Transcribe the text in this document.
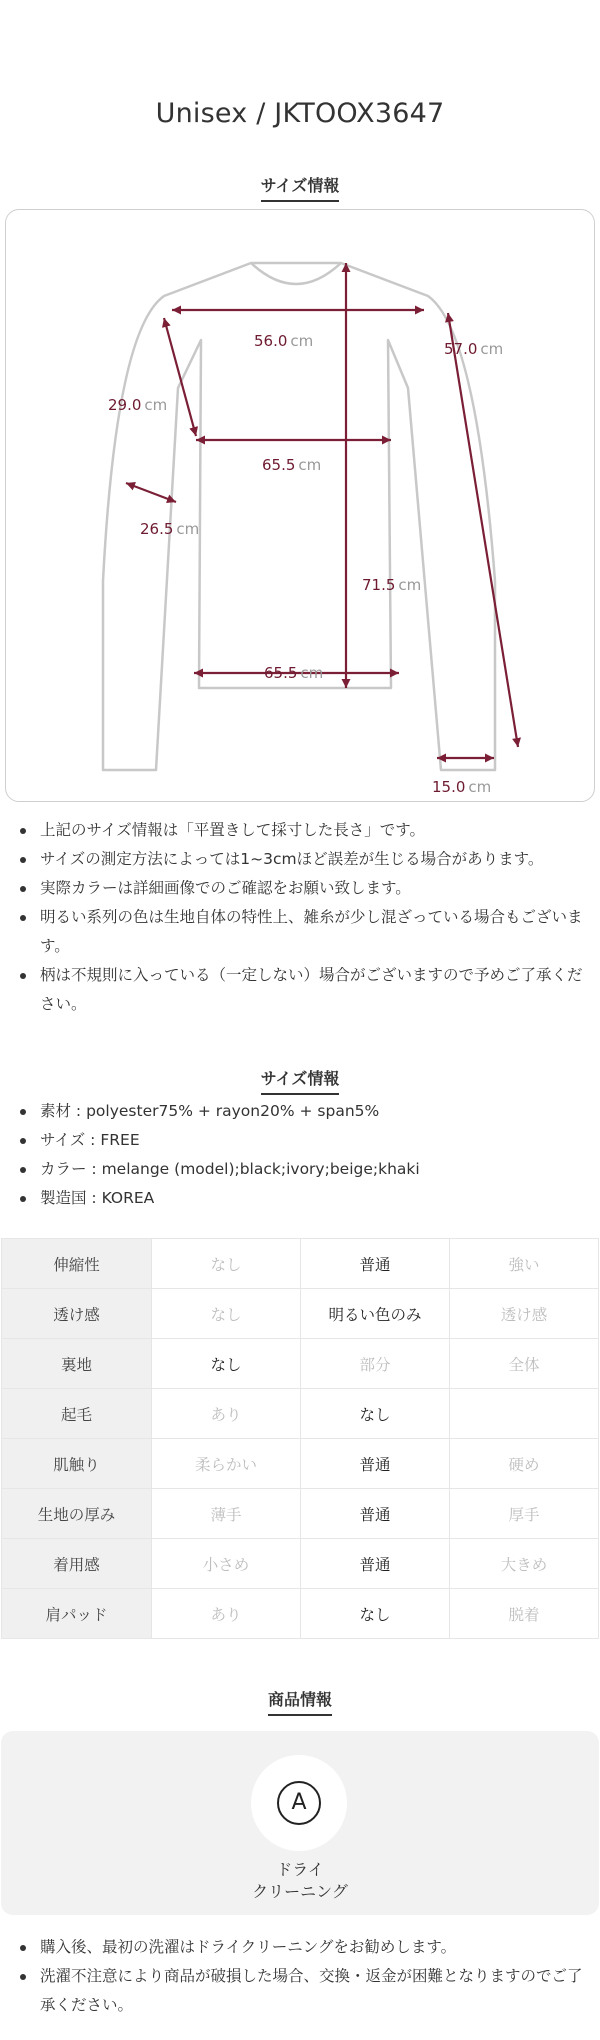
Unisex / JKTOOX3647
サイズ情報
56.0 cm	57.0 cm
29.0 cm
65.5 cm
26.5 cm
71.5 cm
65.5 cm
15.0 cm
上記のサイズ情報は「平置きして採寸した長さ」です。
サイズの測定方法によっては1~3cmほど誤差が生じる場合があります。
実際カラーは詳細画像でのご確認をお願い致します。
明るい系列の色は生地自体の特性上、雑糸が少し混ざっている場合もございます。
柄は不規則に入っている（一定しない）場合がございますので予めご了承ください。
サイズ情報
素材 : polyester75% + rayon20% + span5%
サイズ : FREE
カラー : melange (model);black;ivory;beige;khaki
製造国 : KOREA
伸縮性	なし	普通	強い
透け感	なし	明るい色のみ	透け感
裏地	なし	部分	全体
起毛	あり	なし	
肌触り	柔らかい	普通	硬め
生地の厚み	薄手	普通	厚手
着用感	小さめ	普通	大きめ
肩パッド	あり	なし	脱着
商品情報
A
ドライ
クリーニング
購入後、最初の洗濯はドライクリーニングをお勧めします。
洗濯不注意により商品が破損した場合、交換・返金が困難となりますのでご了承ください。
